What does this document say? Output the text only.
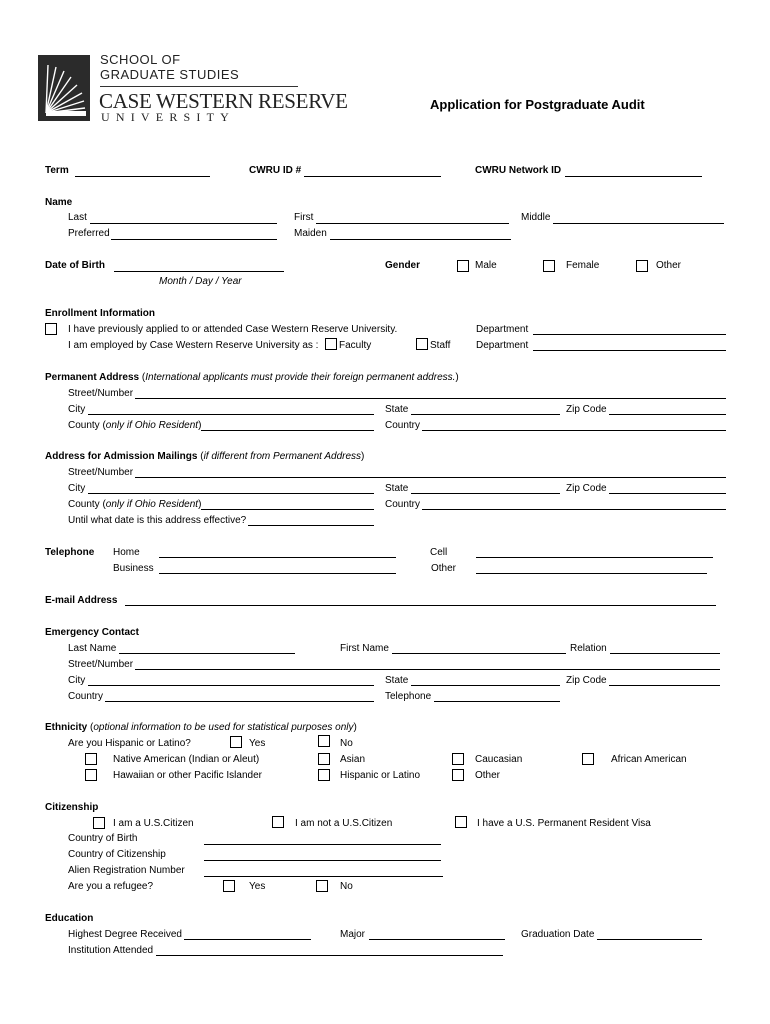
SCHOOL OF
GRADUATE STUDIES
CASE WESTERN RESERVE
UNIVERSITY
Application for Postgraduate Audit
Term	CWRU ID #	CWRU Network ID
Name
Last	First	Middle
Preferred	Maiden
Date of Birth
Month / Day / Year
Gender	Male	Female	Other
Enrollment Information
I have previously applied to or attended Case Western Reserve University.	Department
I am employed by Case Western Reserve University as : Faculty	Staff	Department
Permanent Address (International applicants must provide their foreign permanent address.)
Street/Number
City	State	Zip Code
County (only if Ohio Resident)	Country
Address for Admission Mailings (if different from Permanent Address)
Street/Number
City	State	Zip Code
County (only if Ohio Resident)	Country
Until what date is this address effective?
Telephone Home	Cell
Business	Other
E-mail Address
Emergency Contact
Last Name	First Name	Relation
Street/Number
City	State	Zip Code
Country	Telephone
Ethnicity (optional information to be used for statistical purposes only)
Are you Hispanic or Latino?	Yes	No
Native American (Indian or Aleut)	Asian	Caucasian	African American
Hawaiian or other Pacific Islander	Hispanic or Latino	Other
Citizenship
I am a U.S.Citizen	I am not a U.S.Citizen	I have a U.S. Permanent Resident Visa
Country of Birth
Country of Citizenship
Alien Registration Number
Are you a refugee?	Yes	No
Education
Highest Degree Received	Major	Graduation Date
Institution Attended
